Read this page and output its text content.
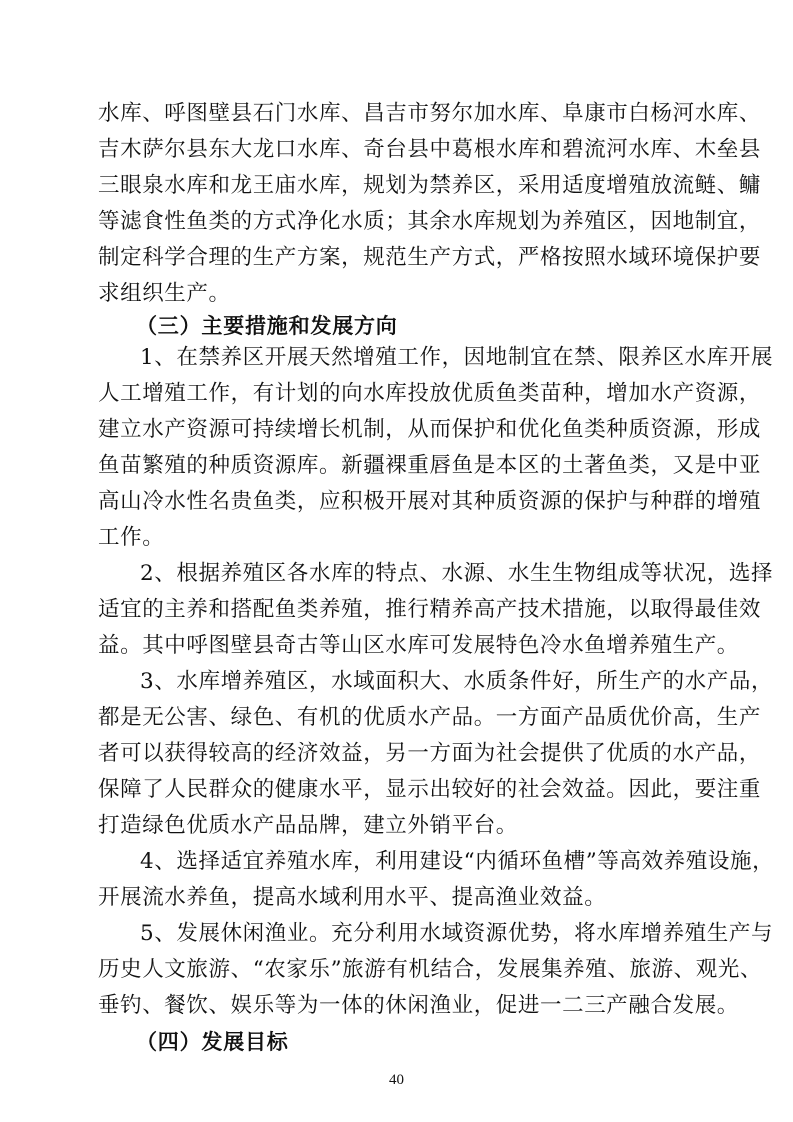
水库、呼图壁县石门水库、昌吉市努尔加水库、阜康市白杨河水库、
吉木萨尔县东大龙口水库、奇台县中葛根水库和碧流河水库、木垒县
三眼泉水库和龙王庙水库，规划为禁养区，采用适度增殖放流鲢、鳙
等滤食性鱼类的方式净化水质；其余水库规划为养殖区，因地制宜，
制定科学合理的生产方案，规范生产方式，严格按照水域环境保护要
求组织生产。
（三）主要措施和发展方向
1、在禁养区开展天然增殖工作，因地制宜在禁、限养区水库开展
人工增殖工作，有计划的向水库投放优质鱼类苗种，增加水产资源，
建立水产资源可持续增长机制，从而保护和优化鱼类种质资源，形成
鱼苗繁殖的种质资源库。新疆裸重唇鱼是本区的土著鱼类，又是中亚
高山冷水性名贵鱼类，应积极开展对其种质资源的保护与种群的增殖
工作。
2、根据养殖区各水库的特点、水源、水生生物组成等状况，选择
适宜的主养和搭配鱼类养殖，推行精养高产技术措施，以取得最佳效
益。其中呼图壁县奇古等山区水库可发展特色冷水鱼增养殖生产。
3、水库增养殖区，水域面积大、水质条件好，所生产的水产品，
都是无公害、绿色、有机的优质水产品。一方面产品质优价高，生产
者可以获得较高的经济效益，另一方面为社会提供了优质的水产品，
保障了人民群众的健康水平，显示出较好的社会效益。因此，要注重
打造绿色优质水产品品牌，建立外销平台。
4、选择适宜养殖水库，利用建设“内循环鱼槽”等高效养殖设施，
开展流水养鱼，提高水域利用水平、提高渔业效益。
5、发展休闲渔业。充分利用水域资源优势，将水库增养殖生产与
历史人文旅游、“农家乐”旅游有机结合，发展集养殖、旅游、观光、
垂钓、餐饮、娱乐等为一体的休闲渔业，促进一二三产融合发展。
（四）发展目标
40
